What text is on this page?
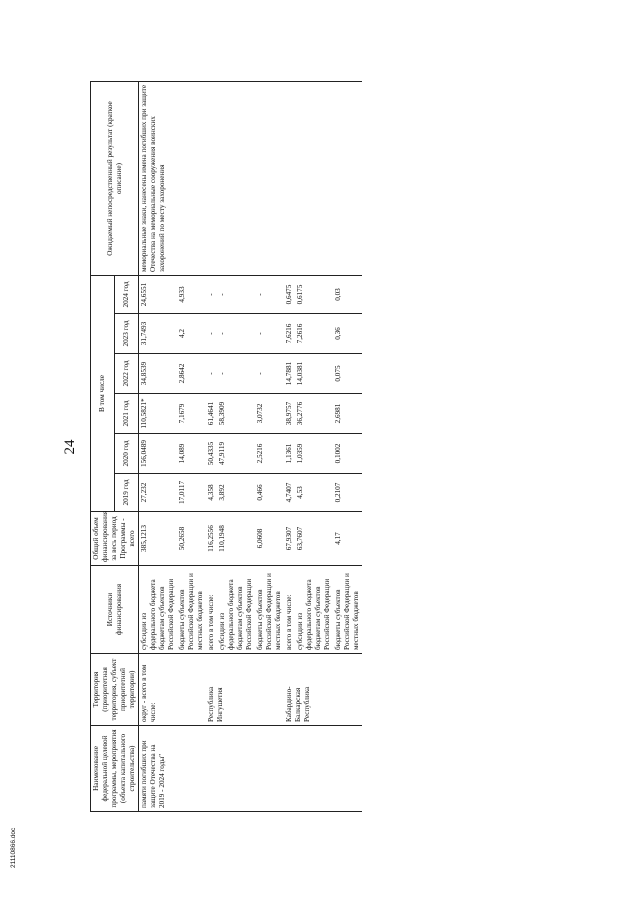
24
Наименование федеральной целевой программы, мероприятия (объекта капитального строительства)	Территория (приоритетная территория, субъект приоритетной территории)	Источники финансирования	Общий объем финансирования за весь период Программы - всего	В том числе						Ожидаемый непосредственный результат (краткое описание)
				2019 год	2020 год	2021 год	2022 год	2023 год	2024 год	
памяти погибших при защите Отечества на 2019 - 2024 годы"	округ - всего в том числе:	субсидии из федерального бюджета бюджетам субъектов Российской Федерации	385,1213	27,232	156,0489	110,5821*	34,8539	31,7493	24,6551	мемориальные знаки, нанесены имена погибших при защите Отечества на мемориальные сооружения воинских захоронений по месту захоронения
		бюджеты субъектов Российской Федерации и местных бюджетов	50,2658	17,0117	14,089	7,1679	2,8642	4,2	4,933	
	Республика Ингушетия	всего в том числе:	116,2556	4,358	50,4335	61,4641	-	-	-	
		субсидии из федерального бюджета бюджетам субъектов Российской Федерации	110,1948	3,892	47,9119	58,3909	-	-	-	
		бюджеты субъектов Российской Федерации и местных бюджетов	6,0608	0,466	2,5216	3,0732	-	-	-	
	Кабардино-Балкарская Республика	всего в том числе:	67,9307	4,7407	1,1361	38,9757	14,7881	7,6216	0,6475	
		субсидии из федерального бюджета бюджетам субъектов Российской Федерации	63,7607	4,53	1,0359	36,2776	14,0381	7,2616	0,6175	
		бюджеты субъектов Российской Федерации и местных бюджетов	4,17	0,2107	0,1002	2,6981	0,075	0,36	0,03	
21110866.doc
